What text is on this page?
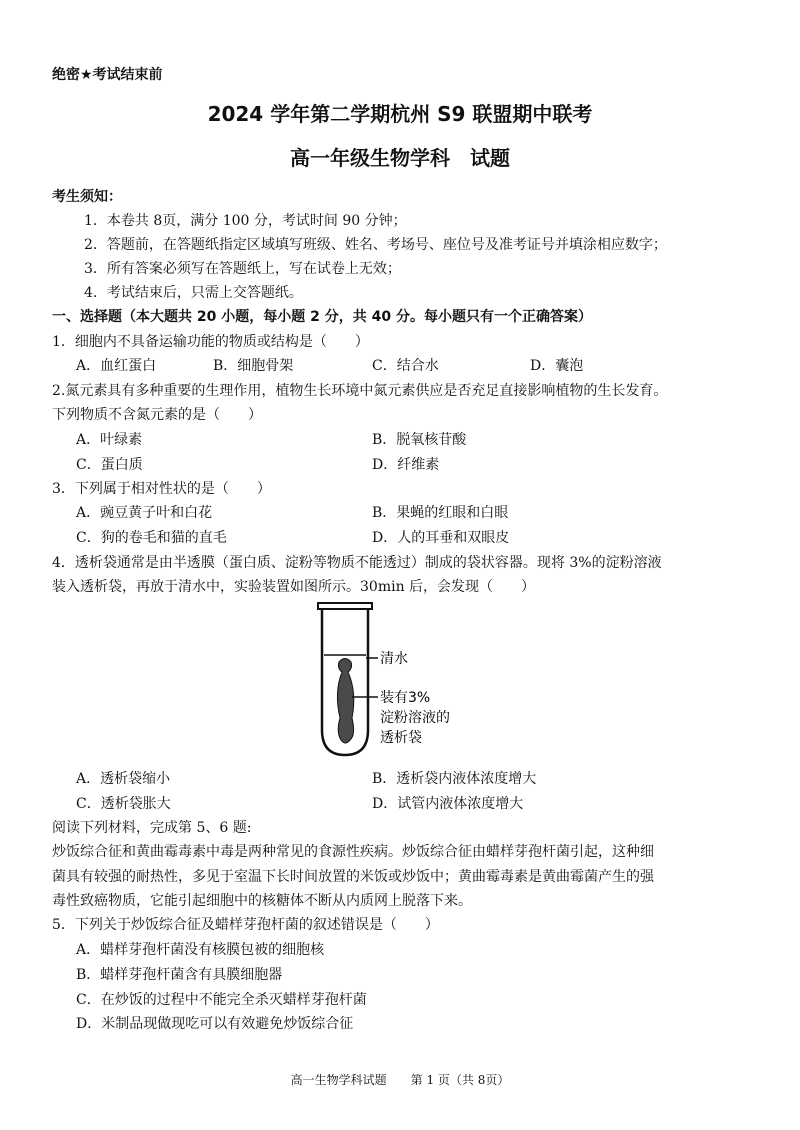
绝密★考试结束前
2024 学年第二学期杭州 S9 联盟期中联考
高一年级生物学科　试题
考生须知：
1．本卷共 8页，满分 100 分，考试时间 90 分钟；
2．答题前，在答题纸指定区域填写班级、姓名、考场号、座位号及准考证号并填涂相应数字；
3．所有答案必须写在答题纸上，写在试卷上无效；
4．考试结束后，只需上交答题纸。
一、选择题（本大题共 20 小题，每小题 2 分，共 40 分。每小题只有一个正确答案）
1．细胞内不具备运输功能的物质或结构是（　　）
A．血红蛋白	B．细胞骨架	C．结合水	D．囊泡
2.氮元素具有多种重要的生理作用，植物生长环境中氮元素供应是否充足直接影响植物的生长发育。
下列物质不含氮元素的是（　　）
A．叶绿素	B．脱氧核苷酸
C．蛋白质	D．纤维素
3．下列属于相对性状的是（　　）
A．豌豆黄子叶和白花	B．果蝇的红眼和白眼
C．狗的卷毛和猫的直毛	D．人的耳垂和双眼皮
4．透析袋通常是由半透膜（蛋白质、淀粉等物质不能透过）制成的袋状容器。现将 3%的淀粉溶液
装入透析袋，再放于清水中，实验装置如图所示。30min 后，会发现（　　）
清水
装有3%
淀粉溶液的
透析袋
A．透析袋缩小	B．透析袋内液体浓度增大
C．透析袋胀大	D．试管内液体浓度增大
阅读下列材料，完成第 5、6 题:
炒饭综合征和黄曲霉毒素中毒是两种常见的食源性疾病。炒饭综合征由蜡样芽孢杆菌引起，这种细
菌具有较强的耐热性，多见于室温下长时间放置的米饭或炒饭中；黄曲霉毒素是黄曲霉菌产生的强
毒性致癌物质，它能引起细胞中的核糖体不断从内质网上脱落下来。
5．下列关于炒饭综合征及蜡样芽孢杆菌的叙述错误是（　　）
A．蜡样芽孢杆菌没有核膜包被的细胞核
B．蜡样芽孢杆菌含有具膜细胞器
C．在炒饭的过程中不能完全杀灭蜡样芽孢杆菌
D．米制品现做现吃可以有效避免炒饭综合征
高一生物学科试题　　第 1 页（共 8页）
